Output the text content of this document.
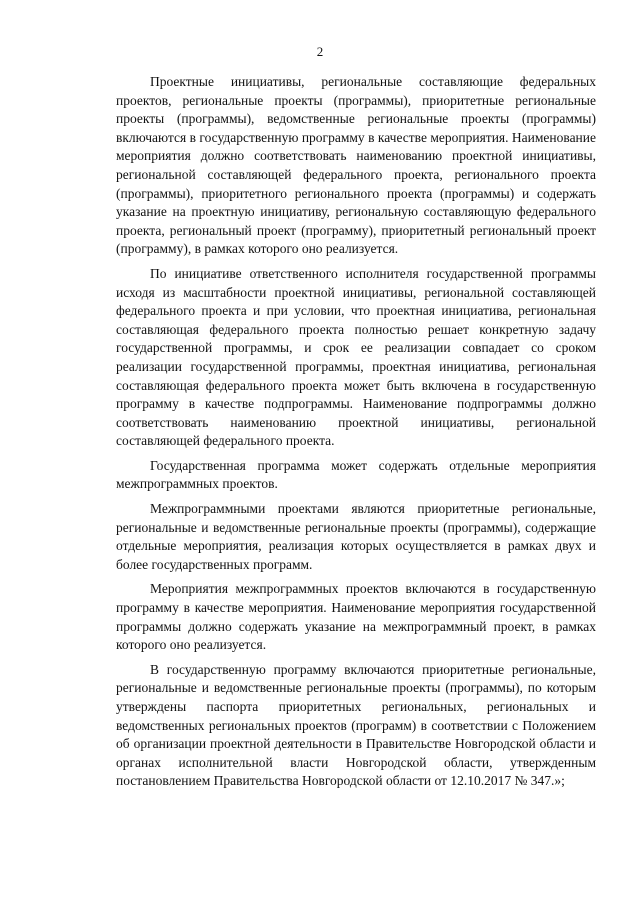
2

Проектные инициативы, региональные составляющие федеральных проектов, региональные проекты (программы), приоритетные региональные проекты (программы), ведомственные региональные проекты (программы) включаются в государственную программу в качестве мероприятия. Наименование мероприятия должно соответствовать наименованию проектной инициативы, региональной составляющей федерального проекта, регионального проекта (программы), приоритетного регионального проекта (программы) и содержать указание на проектную инициативу, региональную составляющую федерального проекта, региональный проект (программу), приоритетный региональный проект (программу), в рамках которого оно реализуется.

По инициативе ответственного исполнителя государственной программы исходя из масштабности проектной инициативы, региональной составляющей федерального проекта и при условии, что проектная инициатива, региональная составляющая федерального проекта полностью решает конкретную задачу государственной программы, и срок ее реализации совпадает со сроком реализации государственной программы, проектная инициатива, региональная составляющая федерального проекта может быть включена в государственную программу в качестве подпрограммы. Наименование подпрограммы должно соответствовать наименованию проектной инициативы, региональной составляющей федерального проекта.

Государственная программа может содержать отдельные мероприятия межпрограммных проектов.

Межпрограммными проектами являются приоритетные региональные, региональные и ведомственные региональные проекты (программы), содержащие отдельные мероприятия, реализация которых осуществляется в рамках двух и более государственных программ.

Мероприятия межпрограммных проектов включаются в государственную программу в качестве мероприятия. Наименование мероприятия государственной программы должно содержать указание на межпрограммный проект, в рамках которого оно реализуется.

В государственную программу включаются приоритетные региональные, региональные и ведомственные региональные проекты (программы), по которым утверждены паспорта приоритетных региональных, региональных и ведомственных региональных проектов (программ) в соответствии с Положением об организации проектной деятельности в Правительстве Новгородской области и органах исполнительной власти Новгородской области, утвержденным постановлением Правительства Новгородской области от 12.10.2017 № 347.»;
